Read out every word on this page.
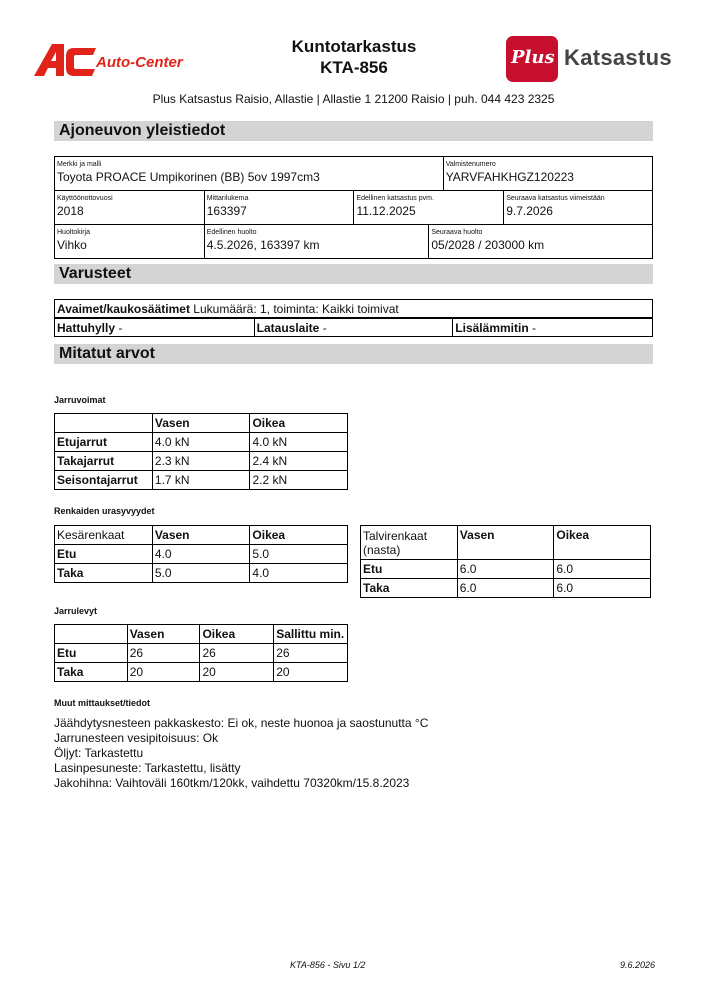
Auto-Center
Kuntotarkastus
KTA-856	Plus Katsastus
Plus Katsastus Raisio, Allastie | Allastie 1 21200 Raisio | puh. 044 423 2325
Ajoneuvon yleistiedot
Merkki ja malli
Toyota PROACE Umpikorinen (BB) 5ov 1997cm3

Valmistenumero
YARVFAHKHGZ120223
Käyttöönottovuosi
2018

Mittarilukema
163397

Edellinen katsastus pvm.
11.12.2025

Seuraava katsastus viimeistään
9.7.2026
Huoltokirja
Vihko

Edellinen huolto
4.5.2026, 163397 km

Seuraava huolto
05/2028 / 203000 km
Varusteet
Avaimet/kaukosäätimet Lukumäärä: 1, toiminta: Kaikki toimivat
Hattuhylly -	Latauslaite -	Lisälämmitin -
Mitatut arvot
Jarruvoimat
	Vasen	Oikea
Etujarrut	4.0 kN	4.0 kN
Takajarrut	2.3 kN	2.4 kN
Seisontajarrut	1.7 kN	2.2 kN
Renkaiden urasyvyydet
Kesärenkaat	Vasen	Oikea
Etu	4.0	5.0
Taka	5.0	4.0
Talvirenkaat
(nasta)	Vasen	Oikea
Etu	6.0	6.0
Taka	6.0	6.0
Jarrulevyt
	Vasen	Oikea	Sallittu min.
Etu	26	26	26
Taka	20	20	20
Muut mittaukset/tiedot
Jäähdytysnesteen pakkaskesto: Ei ok, neste huonoa ja saostunutta °C
Jarrunesteen vesipitoisuus: Ok
Öljyt: Tarkastettu
Lasinpesuneste: Tarkastettu, lisätty
Jakohihna: Vaihtoväli 160tkm/120kk, vaihdettu 70320km/15.8.2023
KTA-856 - Sivu 1/2	9.6.2026
